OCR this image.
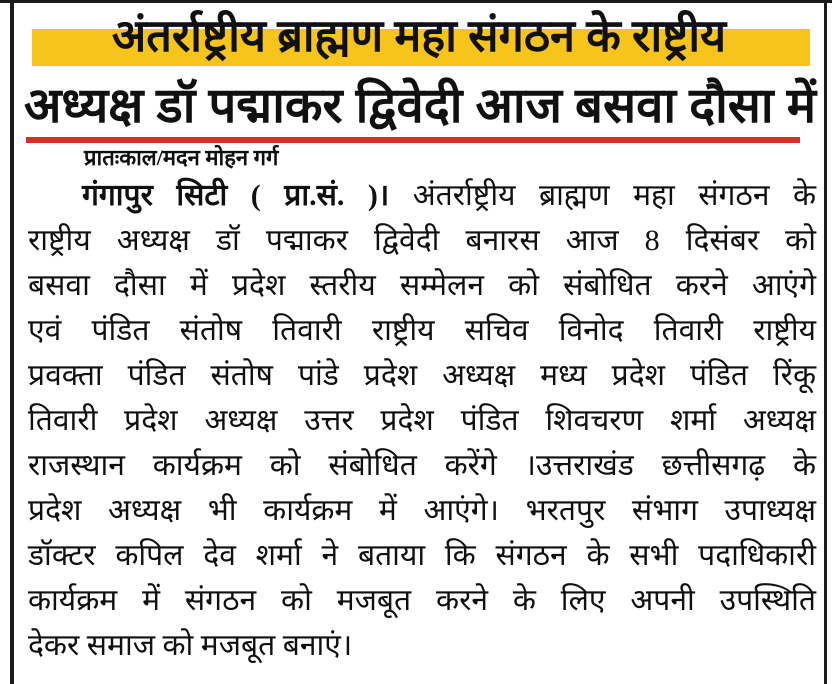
अंतर्राष्ट्रीय ब्राह्मण महा संगठन के राष्ट्रीय
अध्यक्ष डॉ पद्माकर द्विवेदी आज बसवा दौसा में
प्रातःकाल/मदन मोहन गर्ग
गंगापुर सिटी ( प्रा.सं. )। अंतर्राष्ट्रीय ब्राह्मण महा संगठन के
राष्ट्रीय अध्यक्ष डॉ पद्माकर द्विवेदी बनारस आज 8 दिसंबर को
बसवा दौसा में प्रदेश स्तरीय सम्मेलन को संबोधित करने आएंगे
एवं पंडित संतोष तिवारी राष्ट्रीय सचिव विनोद तिवारी राष्ट्रीय
प्रवक्ता पंडित संतोष पांडे प्रदेश अध्यक्ष मध्य प्रदेश पंडित रिंकू
तिवारी प्रदेश अध्यक्ष उत्तर प्रदेश पंडित शिवचरण शर्मा अध्यक्ष
राजस्थान कार्यक्रम को संबोधित करेंगे ।उत्तराखंड छत्तीसगढ़ के
प्रदेश अध्यक्ष भी कार्यक्रम में आएंगे। भरतपुर संभाग उपाध्यक्ष
डॉक्टर कपिल देव शर्मा ने बताया कि संगठन के सभी पदाधिकारी
कार्यक्रम में संगठन को मजबूत करने के लिए अपनी उपस्थिति
देकर समाज को मजबूत बनाएं।
